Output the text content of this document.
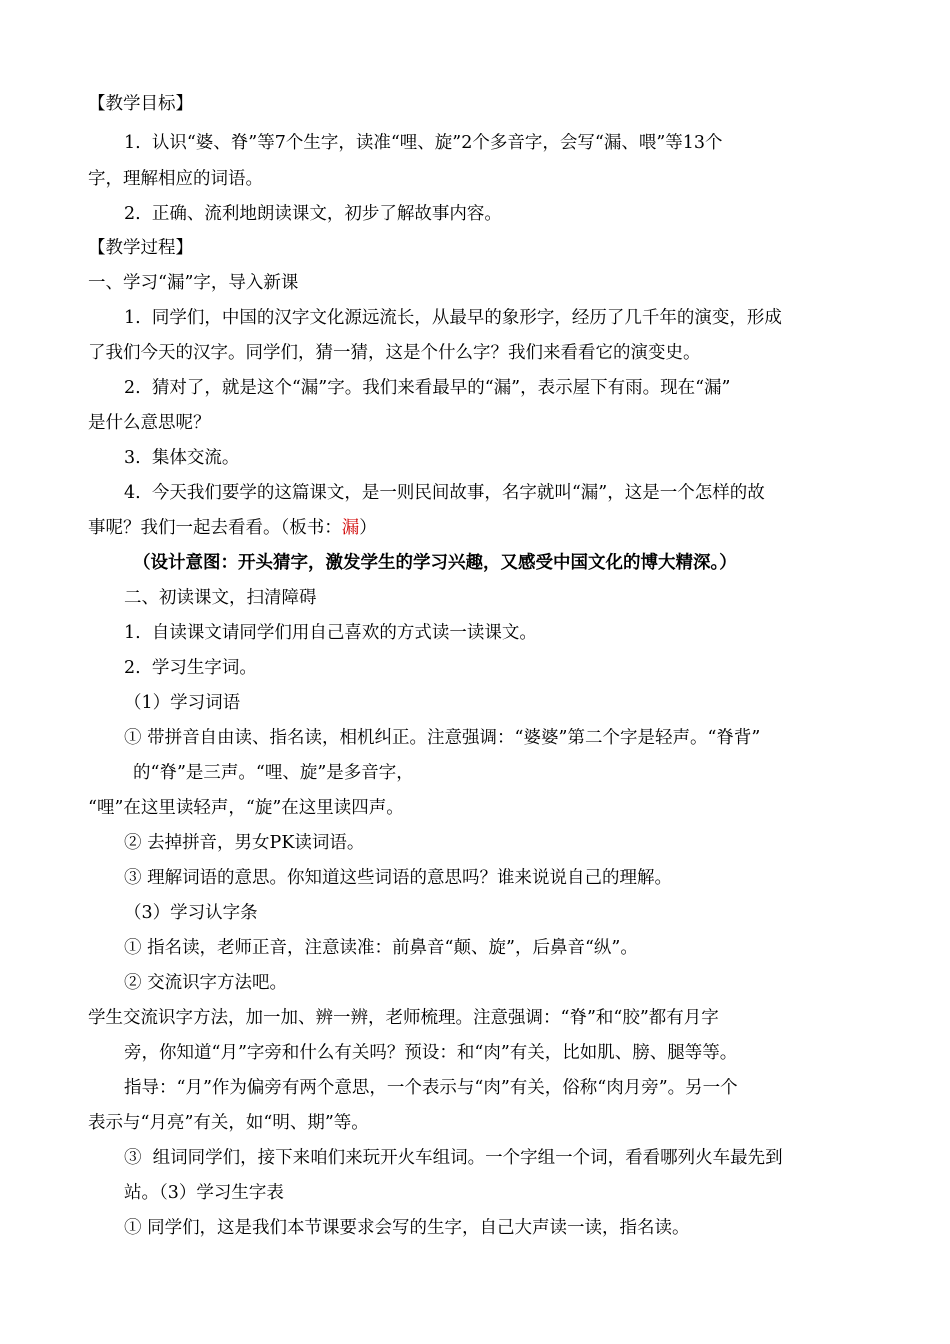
【教学目标】
1.  认识“婆、脊”等7个生字，读准“哩、旋”2个多音字，会写“漏、喂”等13个
字，理解相应的词语。
2.  正确、流利地朗读课文，初步了解故事内容。
【教学过程】
一、学习“漏”字，导入新课
1.  同学们，中国的汉字文化源远流长，从最早的象形字，经历了几千年的演变，形成
了我们今天的汉字。同学们，猜一猜，这是个什么字？我们来看看它的演变史。
2.  猜对了，就是这个“漏”字。我们来看最早的“漏”，表示屋下有雨。现在“漏”
是什么意思呢？
3.  集体交流。
4.  今天我们要学的这篇课文，是一则民间故事，名字就叫“漏”，这是一个怎样的故
事呢？我们一起去看看。（板书：漏）
（设计意图：开头猜字，激发学生的学习兴趣，又感受中国文化的博大精深。）
二、初读课文，扫清障碍
1.  自读课文请同学们用自己喜欢的方式读一读课文。
2.  学习生字词。
（1）学习词语
① 带拼音自由读、指名读，相机纠正。注意强调：“婆婆”第二个字是轻声。“脊背”
的“脊”是三声。“哩、旋”是多音字，
“哩”在这里读轻声，“旋”在这里读四声。
② 去掉拼音，男女PK读词语。
③ 理解词语的意思。你知道这些词语的意思吗？谁来说说自己的理解。
（3）学习认字条
① 指名读，老师正音，注意读准：前鼻音“颠、旋”，后鼻音“纵”。
② 交流识字方法吧。
学生交流识字方法，加一加、辨一辨，老师梳理。注意强调：“脊”和“胶”都有月字
旁，你知道“月”字旁和什么有关吗？预设：和“肉”有关，比如肌、膀、腿等等。
指导：“月”作为偏旁有两个意思，一个表示与“肉”有关，俗称“肉月旁”。另一个
表示与“月亮”有关，如“明、期”等。
③  组词同学们，接下来咱们来玩开火车组词。一个字组一个词，看看哪列火车最先到
站。（3）学习生字表
① 同学们，这是我们本节课要求会写的生字，自己大声读一读，指名读。
